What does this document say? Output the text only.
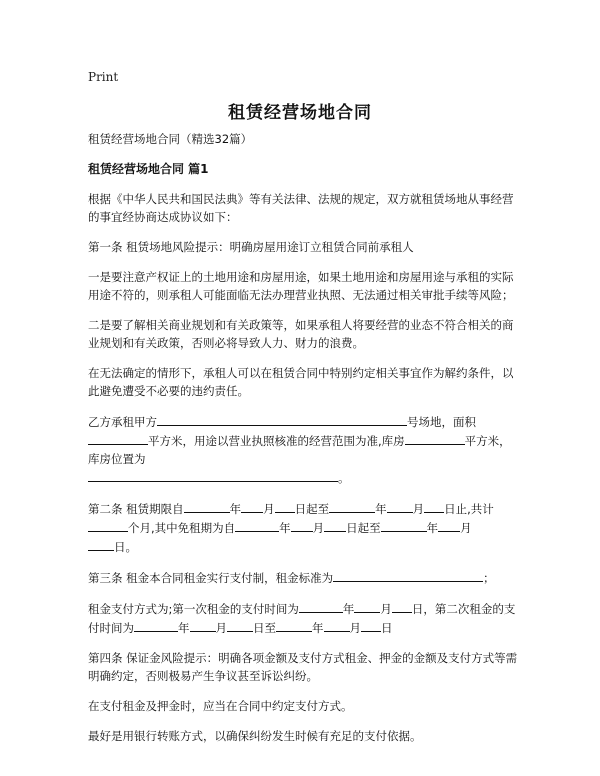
Print
租赁经营场地合同

租赁经营场地合同（精选32篇）

租赁经营场地合同 篇1

根据《中华人民共和国民法典》等有关法律、法规的规定，双方就租赁场地从事经营的事宜经协商达成协议如下：

第一条 租赁场地风险提示：明确房屋用途订立租赁合同前承租人

一是要注意产权证上的土地用途和房屋用途，如果土地用途和房屋用途与承租的实际用途不符的，则承租人可能面临无法办理营业执照、无法通过相关审批手续等风险；

二是要了解相关商业规划和有关政策等，如果承租人将要经营的业态不符合相关的商业规划和有关政策，否则必将导致人力、财力的浪费。

在无法确定的情形下，承租人可以在租赁合同中特别约定相关事宜作为解约条件，以此避免遭受不必要的违约责任。

乙方承租甲方	号场地，面积平方米，用途以营业执照核准的经营范围为准,库房	平方米，库房位置为
。

第二条 租赁期限自	年 月 日起至	年 月 日止,共计个月,其中免租期为自	年 月 日起至	年 月
日。

第三条 租金本合同租金实行支付制，租金标准为	；

租金支付方式为;第一次租金的支付时间为	年 月 日，第二次租金的支付时间为	年 月 日至	年 月 日

第四条 保证金风险提示：明确各项金额及支付方式租金、押金的金额及支付方式等需明确约定，否则极易产生争议甚至诉讼纠纷。

在支付租金及押金时，应当在合同中约定支付方式。

最好是用银行转账方式，以确保纠纷发生时候有充足的支付依据。
